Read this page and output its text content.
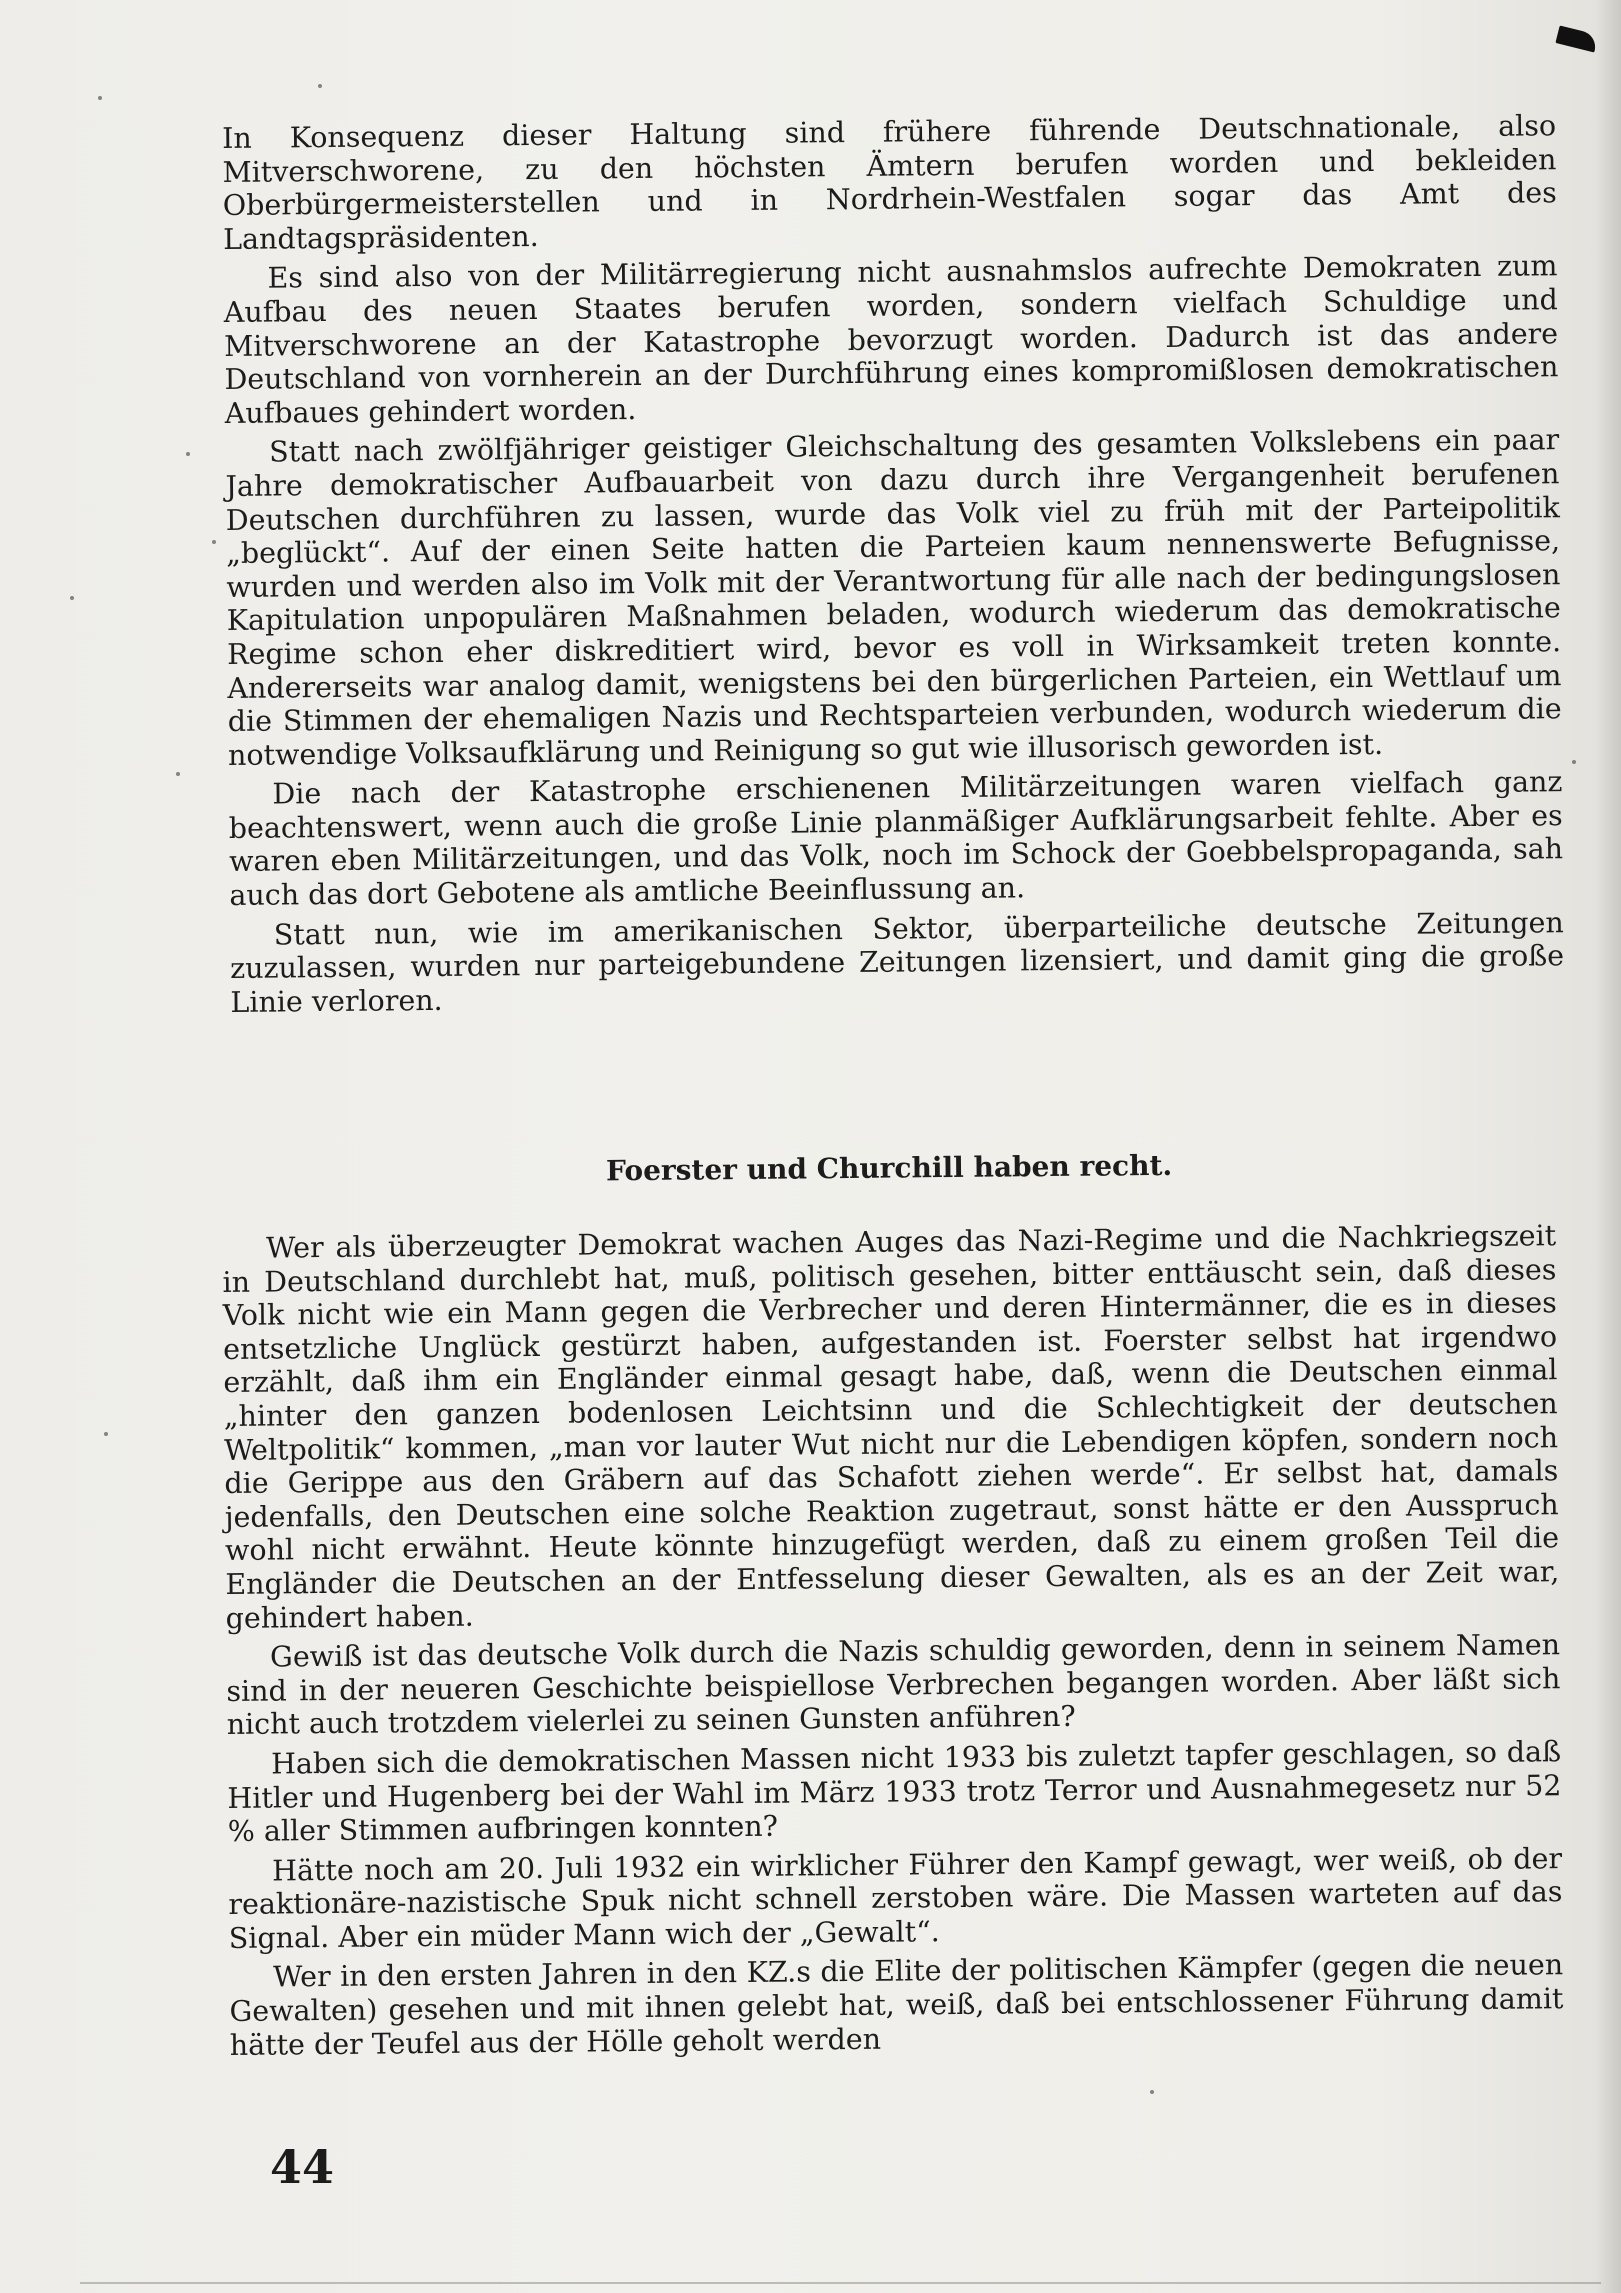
In Konsequenz dieser Haltung sind frühere führende Deutschnationale, also Mitverschworene, zu den höchsten Ämtern berufen worden und bekleiden Oberbürgermeisterstellen und in Nordrhein-Westfalen sogar das Amt des Landtagspräsidenten.

Es sind also von der Militärregierung nicht ausnahmslos aufrechte Demokraten zum Aufbau des neuen Staates berufen worden, sondern vielfach Schuldige und Mitverschworene an der Katastrophe bevorzugt worden. Dadurch ist das andere Deutschland von vornherein an der Durchführung eines kompromißlosen demokratischen Aufbaues gehindert worden.

Statt nach zwölfjähriger geistiger Gleichschaltung des gesamten Volkslebens ein paar Jahre demokratischer Aufbauarbeit von dazu durch ihre Vergangenheit berufenen Deutschen durchführen zu lassen, wurde das Volk viel zu früh mit der Parteipolitik „beglückt“. Auf der einen Seite hatten die Parteien kaum nennenswerte Befugnisse, wurden und werden also im Volk mit der Verantwortung für alle nach der bedingungslosen Kapitulation unpopulären Maßnahmen beladen, wodurch wiederum das demokratische Regime schon eher diskreditiert wird, bevor es voll in Wirksamkeit treten konnte. Andererseits war analog damit, wenigstens bei den bürgerlichen Parteien, ein Wettlauf um die Stimmen der ehemaligen Nazis und Rechtsparteien verbunden, wodurch wiederum die notwendige Volksaufklärung und Reinigung so gut wie illusorisch geworden ist.

Die nach der Katastrophe erschienenen Militärzeitungen waren vielfach ganz beachtenswert, wenn auch die große Linie planmäßiger Aufklärungsarbeit fehlte. Aber es waren eben Militärzeitungen, und das Volk, noch im Schock der Goebbelspropaganda, sah auch das dort Gebotene als amtliche Beeinflussung an.

Statt nun, wie im amerikanischen Sektor, überparteiliche deutsche Zeitungen zuzulassen, wurden nur parteigebundene Zeitungen lizensiert, und damit ging die große Linie verloren.

Foerster und Churchill haben recht.

Wer als überzeugter Demokrat wachen Auges das Nazi-Regime und die Nachkriegszeit in Deutschland durchlebt hat, muß, politisch gesehen, bitter enttäuscht sein, daß dieses Volk nicht wie ein Mann gegen die Verbrecher und deren Hintermänner, die es in dieses entsetzliche Unglück gestürzt haben, aufgestanden ist. Foerster selbst hat irgendwo erzählt, daß ihm ein Engländer einmal gesagt habe, daß, wenn die Deutschen einmal „hinter den ganzen bodenlosen Leichtsinn und die Schlechtigkeit der deutschen Weltpolitik“ kommen, „man vor lauter Wut nicht nur die Lebendigen köpfen, sondern noch die Gerippe aus den Gräbern auf das Schafott ziehen werde“. Er selbst hat, damals jedenfalls, den Deutschen eine solche Reaktion zugetraut, sonst hätte er den Ausspruch wohl nicht erwähnt. Heute könnte hinzugefügt werden, daß zu einem großen Teil die Engländer die Deutschen an der Entfesselung dieser Gewalten, als es an der Zeit war, gehindert haben.

Gewiß ist das deutsche Volk durch die Nazis schuldig geworden, denn in seinem Namen sind in der neueren Geschichte beispiellose Verbrechen begangen worden. Aber läßt sich nicht auch trotzdem vielerlei zu seinen Gunsten anführen?

Haben sich die demokratischen Massen nicht 1933 bis zuletzt tapfer geschlagen, so daß Hitler und Hugenberg bei der Wahl im März 1933 trotz Terror und Ausnahmegesetz nur 52 % aller Stimmen aufbringen konnten?

Hätte noch am 20. Juli 1932 ein wirklicher Führer den Kampf gewagt, wer weiß, ob der reaktionäre-nazistische Spuk nicht schnell zerstoben wäre. Die Massen warteten auf das Signal. Aber ein müder Mann wich der „Gewalt“.

Wer in den ersten Jahren in den KZ.s die Elite der politischen Kämpfer (gegen die neuen Gewalten) gesehen und mit ihnen gelebt hat, weiß, daß bei entschlossener Führung damit hätte der Teufel aus der Hölle geholt werden

44
